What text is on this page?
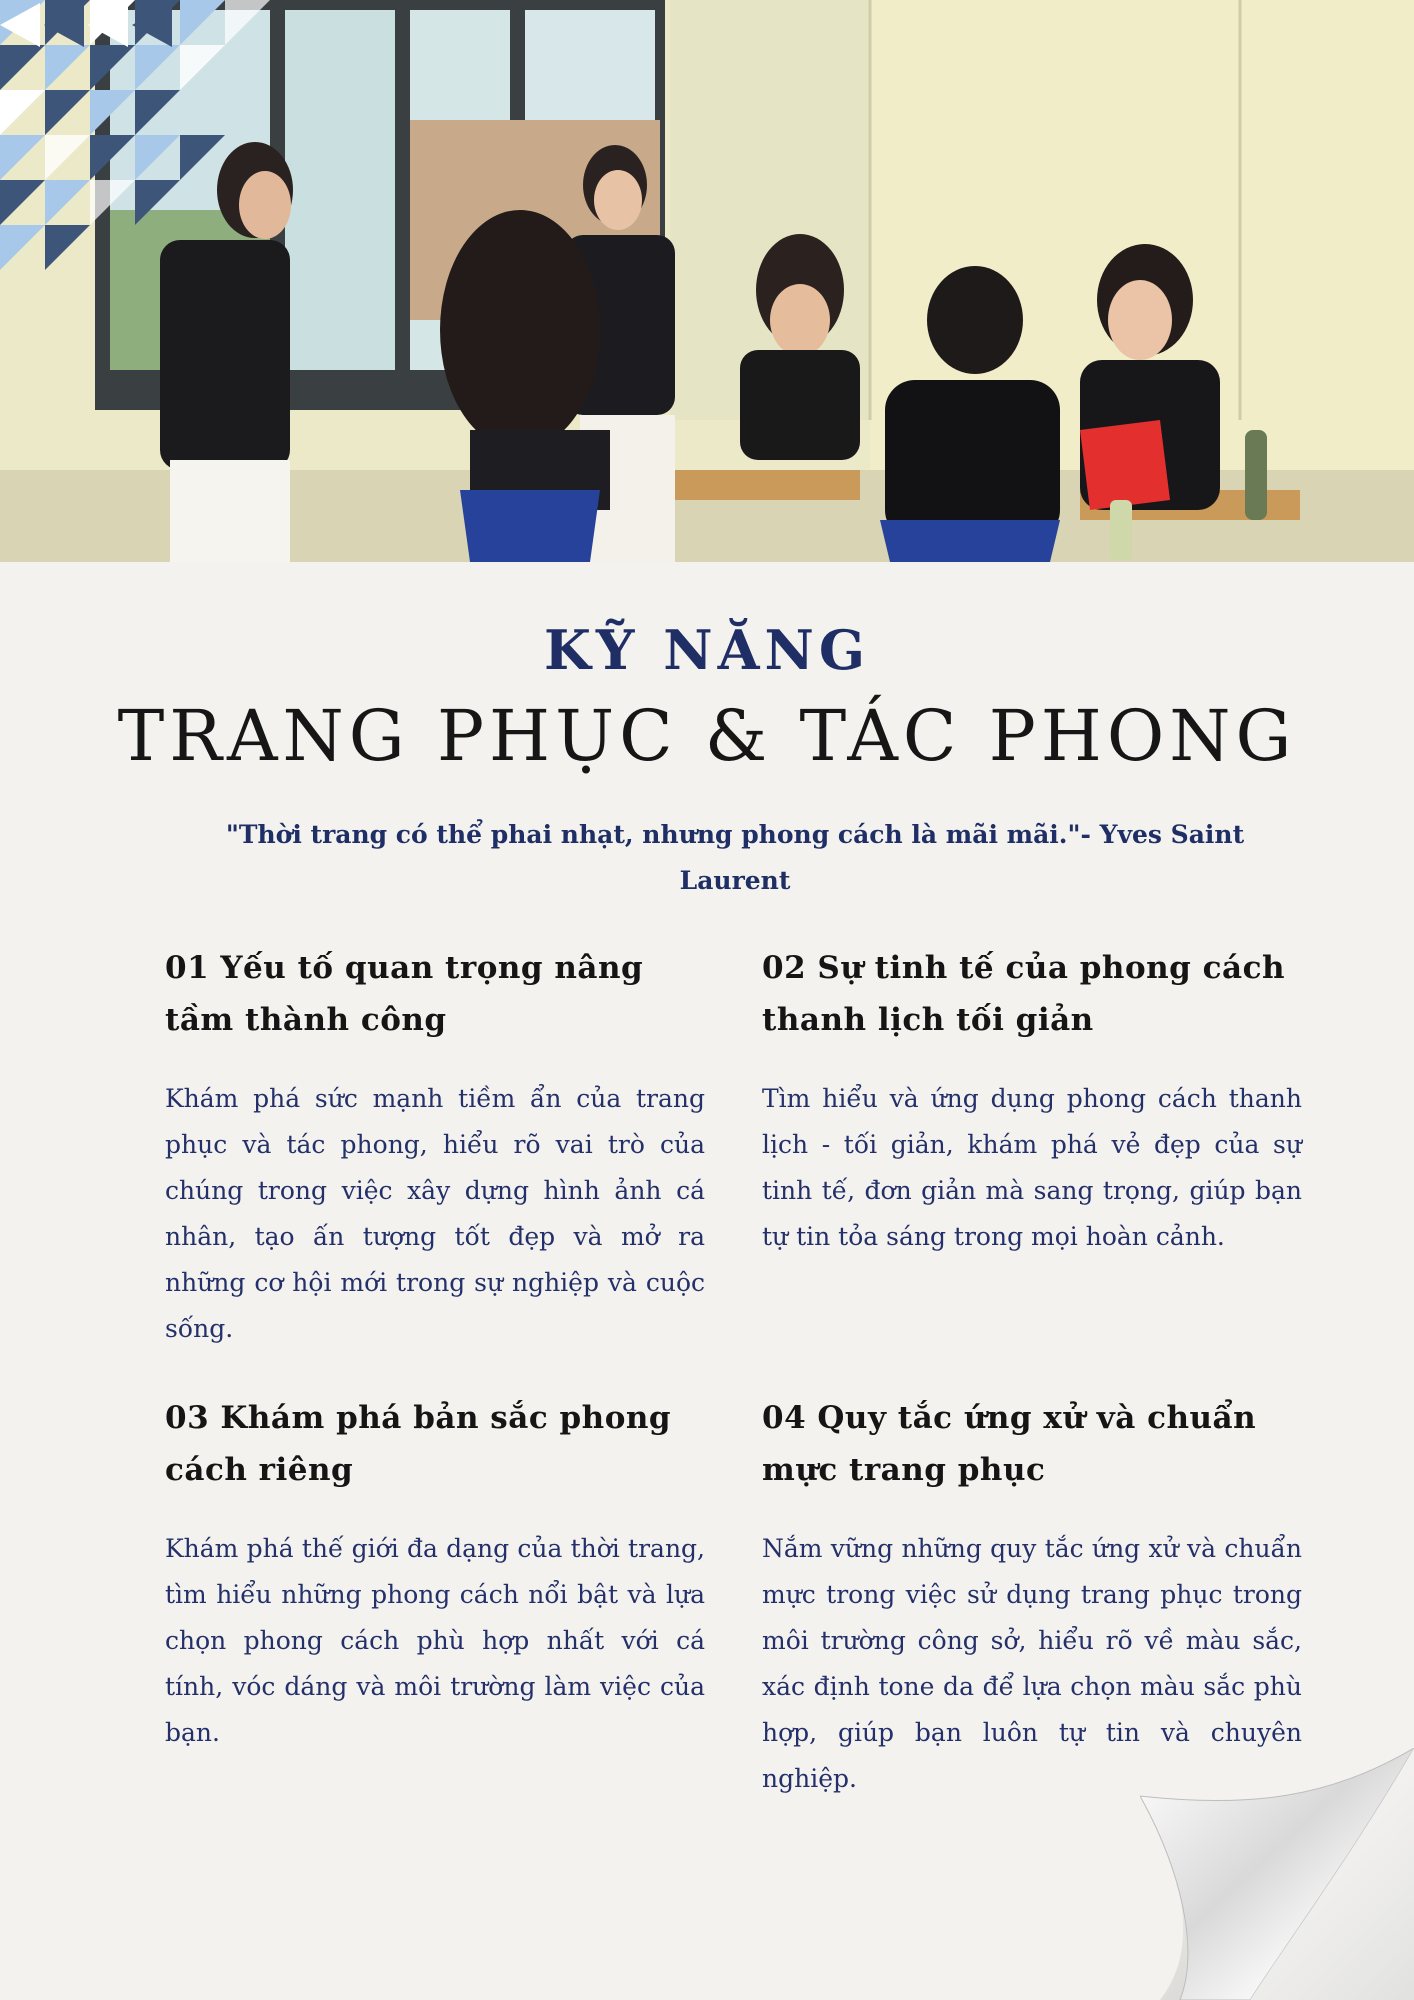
KỸ NĂNG
TRANG PHỤC & TÁC PHONG
"Thời trang có thể phai nhạt, nhưng phong cách là mãi mãi."- Yves Saint Laurent
01 Yếu tố quan trọng nâng tầm thành công

Khám phá sức mạnh tiềm ẩn của trang phục và tác phong, hiểu rõ vai trò của chúng trong việc xây dựng hình ảnh cá nhân, tạo ấn tượng tốt đẹp và mở ra những cơ hội mới trong sự nghiệp và cuộc sống.

02 Sự tinh tế của phong cách thanh lịch tối giản

Tìm hiểu và ứng dụng phong cách thanh lịch - tối giản, khám phá vẻ đẹp của sự tinh tế, đơn giản mà sang trọng, giúp bạn tự tin tỏa sáng trong mọi hoàn cảnh.

03 Khám phá bản sắc phong cách riêng

Khám phá thế giới đa dạng của thời trang, tìm hiểu những phong cách nổi bật và lựa chọn phong cách phù hợp nhất với cá tính, vóc dáng và môi trường làm việc của bạn.

04 Quy tắc ứng xử và chuẩn mực trang phục

Nắm vững những quy tắc ứng xử và chuẩn mực trong việc sử dụng trang phục trong môi trường công sở, hiểu rõ về màu sắc, xác định tone da để lựa chọn màu sắc phù hợp, giúp bạn luôn tự tin và chuyên nghiệp.
